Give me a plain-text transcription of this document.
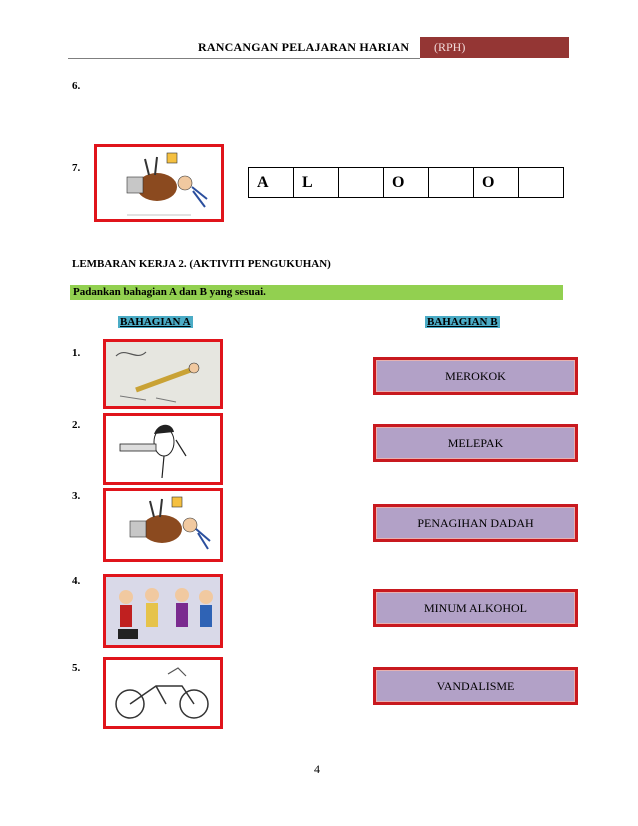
RANCANGAN PELAJARAN HARIAN	(RPH)
6.
7.
A	L		O		O	
LEMBARAN KERJA 2. (AKTIVITI PENGUKUHAN)
Padankan bahagian A dan B yang sesuai.
BAHAGIAN A	BAHAGIAN B
1.
2.
3.
4.
5.
MEROKOK
MELEPAK
PENAGIHAN DADAH
MINUM ALKOHOL
VANDALISME
4
